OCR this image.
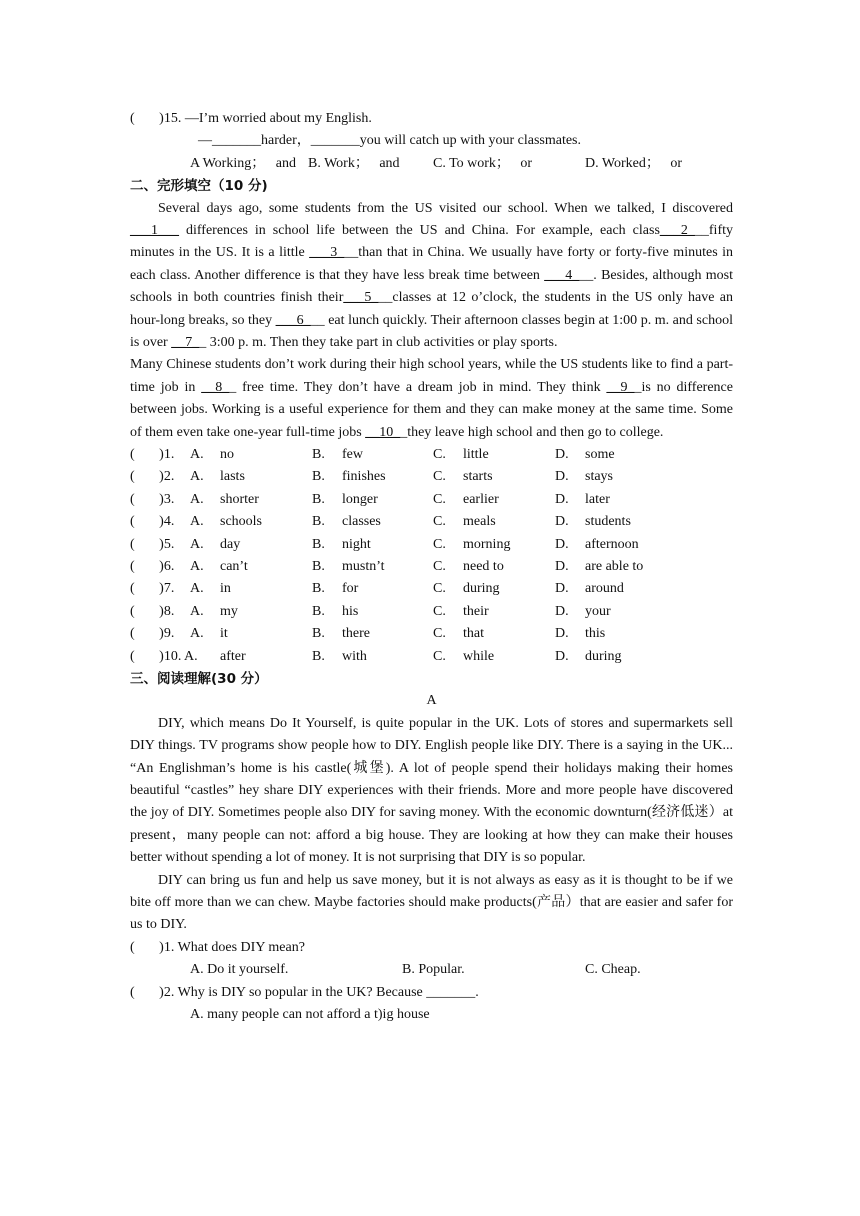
(       )15. —I’m worried about my English.
—_______harder，_______you will catch up with your classmates.
A Working；   and B. Work；   and C. To work；   or	D. Worked；   or
二、完形填空（10 分)
Several days ago, some students from the US visited our school. When we talked, I discovered ___1___ differences in school life between the US and China. For example, each class___2___fifty minutes in the US. It is a little ___3___than that in China. We usually have forty or forty-five minutes in each class. Another difference is that they have less break time between ___4___. Besides, although most schools in both countries finish their___5___classes at 12 o’clock, the students in the US only have an hour-long breaks, so they ___6___ eat lunch quickly. Their afternoon classes begin at 1:00 p. m. and school is over __7__ 3:00 p. m. Then they take part in club activities or play sports.
Many Chinese students don’t work during their high school years, while the US students like to find a part-time job in __8__ free time. They don’t have a dream job in mind. They think __9__is no difference between jobs. Working is a useful experience for them and they can make money at the same time. Some of them even take one-year full-time jobs __10__they leave high school and then go to college.
(       )1. A. no	B. few	C. little	D. some
(       )2. A. lasts	B. finishes	C. starts	D. stays
(       )3. A. shorter	B. longer	C. earlier	D. later
(       )4. A. schools	B. classes	C. meals	D. students
(       )5. A. day	B. night	C. morning	D. afternoon
(       )6. A. can’t	B. mustn’t	C. need to	D. are able to
(       )7. A. in	B. for	C. during	D. around
(       )8. A. my	B. his	C. their	D. your
(       )9. A. it	B. there	C. that	D. this
(       )10. A. after	B. with	C. while	D. during
三、阅读理解(30 分）
A
DIY, which means Do It Yourself, is quite popular in the UK. Lots of stores and supermarkets sell DIY things. TV programs show people how to DIY. English people like DIY. There is a saying in the UK... “An Englishman’s home is his castle(城堡). A lot of people spend their holidays making their homes beautiful “castles” hey share DIY experiences with their friends. More and more people have discovered the joy of DIY. Sometimes people also DIY for saving money. With the economic downturn(经济低迷）at present，many people can not: afford a big house. They are looking at how they can make their houses better without spending a lot of money. It is not surprising that DIY is so popular.
DIY can bring us fun and help us save money, but it is not always as easy as it is thought to be if we bite off more than we can chew. Maybe factories should make products(产品）that are easier and safer for us to DIY.
(       )1. What does DIY mean?
A. Do it yourself.	B. Popular.	C. Cheap.
(       )2. Why is DIY so popular in the UK? Because _______.
A. many people can not afford a t)ig house
